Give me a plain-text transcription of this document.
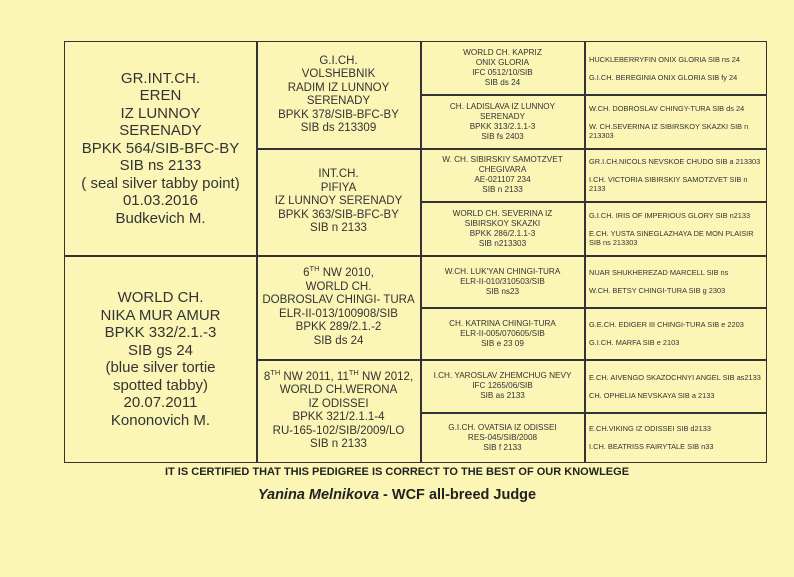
GR.INT.CH.
EREN
IZ LUNNOY
SERENADY
BPKK 564/SIB-BFC-BY
SIB ns 2133
( seal silver tabby point)
01.03.2016
Budkevich M.
WORLD CH.
NIKA MUR AMUR
BPKK 332/2.1.-3
SIB gs 24
(blue silver tortie
spotted tabby)
20.07.2011
Kononovich M.
G.I.CH.
VOLSHEBNIK
RADIM IZ LUNNOY
SERENADY
BPKK 378/SIB-BFC-BY
SIB ds 213309
INT.CH.
PIFIYA
IZ LUNNOY SERENADY
BPKK 363/SIB-BFC-BY
SIB n 2133
6TH NW 2010,
WORLD CH.
DOBROSLAV CHINGI- TURA
ELR-II-013/100908/SIB
BPKK 289/2.1.-2
SIB ds 24
8TH NW 2011, 11TH NW 2012,
WORLD CH.WERONA
IZ ODISSEI
BPKK 321/2.1.1-4
RU-165-102/SIB/2009/LO
SIB n 2133
WORLD CH. KAPRIZ
ONIX GLORIA
IFC 0512/10/SIB
SIB ds 24
CH. LADISLAVA IZ LUNNOY
SERENADY
BPKK 313/2.1.1-3
SIB fs 2403
W. CH. SIBIRSKIY SAMOTZVET
CHEGIVARA
AE-021107 234
SIB n 2133
WORLD CH. SEVERINA IZ
SIBIRSKOY SKAZKI
BPKK 286/2.1.1-3
SIB n213303
W.CH. LUK'YAN CHINGI-TURA
ELR-II-010/310503/SIB
SIB ns23
CH. KATRINA CHINGI-TURA
ELR-II-005/070605/SIB
SIB e 23 09
I.CH. YAROSLAV ZHEMCHUG NEVY
IFC 1265/06/SIB
SIB as 2133
G.I.CH. OVATSIA IZ ODISSEI
RES-045/SIB/2008
SIB f 2133
HUCKLEBERRYFIN ONIX GLORIA SIB ns 24
G.I.CH. BEREGINIA ONIX GLORIA SIB fy 24
W.CH. DOBROSLAV CHINGY-TURA SIB ds 24
W. CH.SEVERINA IZ SIBIRSKOY SKAZKI SIB n 213303
GR.I.CH.NICOLS NEVSKOE CHUDO SIB a 213303
I.CH. VICTORIA SIBIRSKIY SAMOTZVET SIB n 2133
G.I.CH. IRIS OF IMPERIOUS GLORY SIB n2133
E.CH. YUSTA SINEGLAZHAYA DE MON PLAISIR SIB ns 213303
NUAR SHUKHEREZAD MARCELL SIB ns
W.CH. BETSY CHINGI-TURA SIB g 2303
G.E.CH. EDIGER III CHINGI-TURA SIB e 2203
G.I.CH. MARFA SIB e 2103
E.CH. AIVENGO SKAZOCHNYI ANGEL SIB as2133
CH. OPHELIA NEVSKAYA SIB a 2133
E.CH.VIKING IZ ODISSEI SIB d2133
I.CH. BEATRISS FAIRYTALE SIB n33
IT IS CERTIFIED THAT THIS PEDIGREE IS CORRECT TO THE BEST OF OUR KNOWLEGE
Yanina Melnikova - WCF all-breed Judge
